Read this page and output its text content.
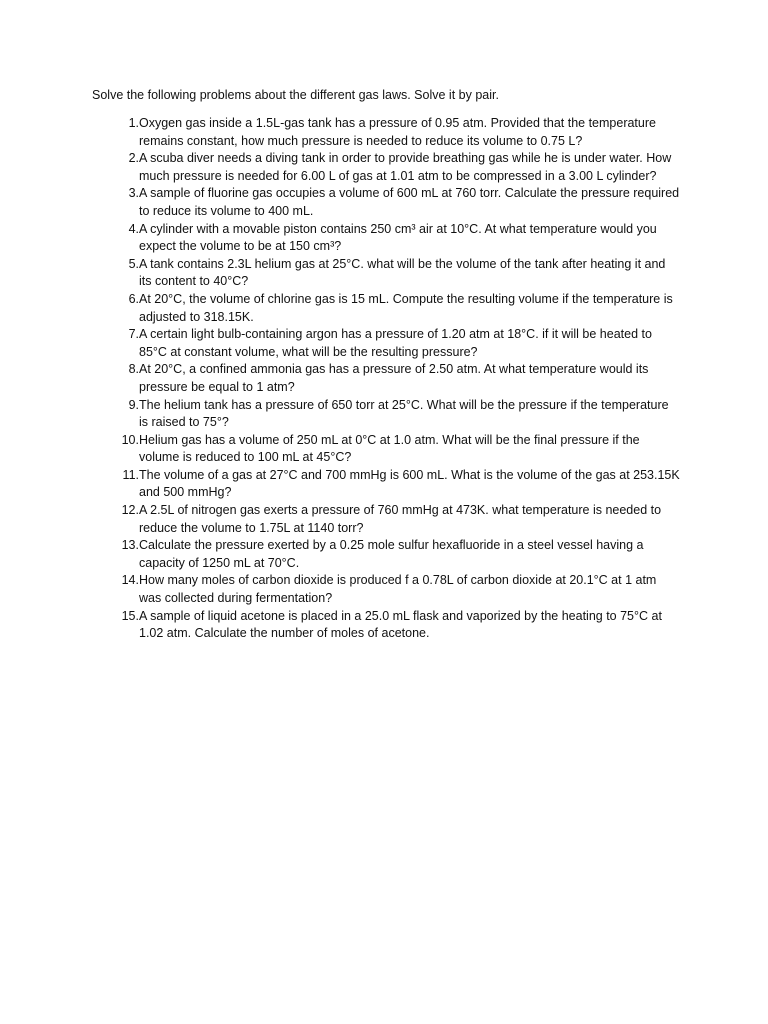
Solve the following problems about the different gas laws. Solve it by pair.

1. Oxygen gas inside a 1.5L-gas tank has a pressure of 0.95 atm. Provided that the temperature remains constant, how much pressure is needed to reduce its volume to 0.75 L?
2. A scuba diver needs a diving tank in order to provide breathing gas while he is under water. How much pressure is needed for 6.00 L of gas at 1.01 atm to be compressed in a 3.00 L cylinder?
3. A sample of fluorine gas occupies a volume of 600 mL at 760 torr. Calculate the pressure required to reduce its volume to 400 mL.
4. A cylinder with a movable piston contains 250 cm³ air at 10°C. At what temperature would you expect the volume to be at 150 cm³?
5. A tank contains 2.3L helium gas at 25°C. what will be the volume of the tank after heating it and its content to 40°C?
6. At 20°C, the volume of chlorine gas is 15 mL. Compute the resulting volume if the temperature is adjusted to 318.15K.
7. A certain light bulb-containing argon has a pressure of 1.20 atm at 18°C. if it will be heated to 85°C at constant volume, what will be the resulting pressure?
8. At 20°C, a confined ammonia gas has a pressure of 2.50 atm. At what temperature would its pressure be equal to 1 atm?
9. The helium tank has a pressure of 650 torr at 25°C. What will be the pressure if the temperature is raised to 75°?
10. Helium gas has a volume of 250 mL at 0°C at 1.0 atm. What will be the final pressure if the volume is reduced to 100 mL at 45°C?
11. The volume of a gas at 27°C and 700 mmHg is 600 mL. What is the volume of the gas at 253.15K and 500 mmHg?
12. A 2.5L of nitrogen gas exerts a pressure of 760 mmHg at 473K. what temperature is needed to reduce the volume to 1.75L at 1140 torr?
13. Calculate the pressure exerted by a 0.25 mole sulfur hexafluoride in a steel vessel having a capacity of 1250 mL at 70°C.
14. How many moles of carbon dioxide is produced f a 0.78L of carbon dioxide at 20.1°C at 1 atm was collected during fermentation?
15. A sample of liquid acetone is placed in a 25.0 mL flask and vaporized by the heating to 75°C at 1.02 atm. Calculate the number of moles of acetone.
